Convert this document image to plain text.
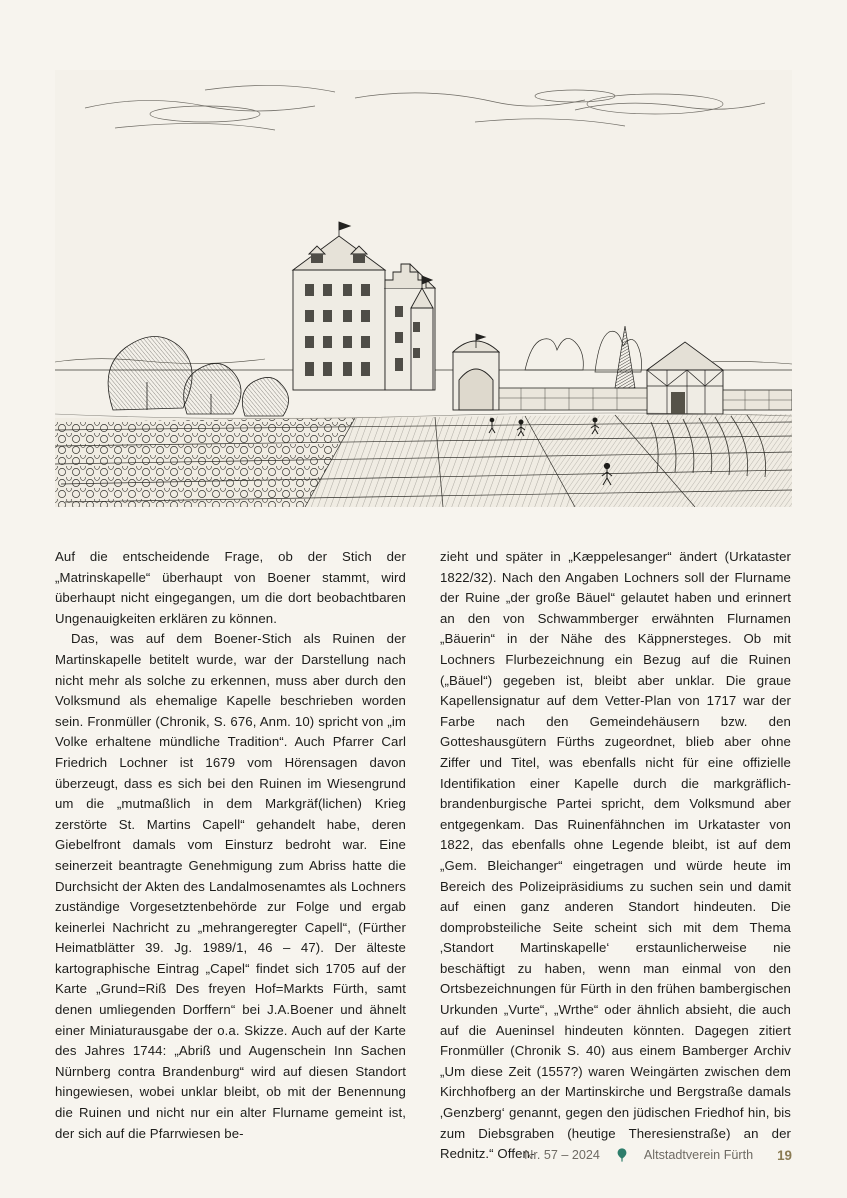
Auf die entscheidende Frage, ob der Stich der „Matrinskapelle“ überhaupt von Boener stammt, wird überhaupt nicht eingegangen, um die dort beobachtbaren Ungenauigkeiten erklären zu können.

Das, was auf dem Boener-Stich als Ruinen der Martinskapelle betitelt wurde, war der Darstellung nach nicht mehr als solche zu erkennen, muss aber durch den Volksmund als ehemalige Kapelle beschrieben worden sein. Fronmüller (Chronik, S. 676, Anm. 10) spricht von „im Volke erhaltene mündliche Tradition“. Auch Pfarrer Carl Friedrich Lochner ist 1679 vom Hörensagen davon überzeugt, dass es sich bei den Ruinen im Wiesengrund um die „mutmaßlich in dem Markgräf(lichen) Krieg zerstörte St. Martins Capell“ gehandelt habe, deren Giebelfront damals vom Einsturz bedroht war. Eine seinerzeit beantragte Genehmigung zum Abriss hatte die Durchsicht der Akten des Landalmosenamtes als Lochners zuständige Vorgesetztenbehörde zur Folge und ergab keinerlei Nachricht zu „mehrangeregter Capell“, (Fürther Heimatblätter 39. Jg. 1989/1, 46 – 47). Der älteste kartographische Eintrag „Capel“ findet sich 1705 auf der Karte „Grund=Riß Des freyen Hof=Markts Fürth, samt denen umliegenden Dorffern“ bei J.A.Boener und ähnelt einer Miniaturausgabe der o.a. Skizze. Auch auf der Karte des Jahres 1744: „Abriß und Augenschein Inn Sachen Nürnberg contra Brandenburg“ wird auf diesen Standort hingewiesen, wobei unklar bleibt, ob mit der Benennung die Ruinen und nicht nur ein alter Flurname gemeint ist, der sich auf die Pfarrwiesen be-

zieht und später in „Kæppelesanger“ ändert (Urkataster 1822/32). Nach den Angaben Lochners soll der Flurname der Ruine „der große Bäuel“ gelautet haben und erinnert an den von Schwammberger erwähnten Flurnamen „Bäuerin“ in der Nähe des Käppnersteges. Ob mit Lochners Flurbezeichnung ein Bezug auf die Ruinen („Bäuel“) gegeben ist, bleibt aber unklar. Die graue Kapellensignatur auf dem Vetter-Plan von 1717 war der Farbe nach den Gemeindehäusern bzw. den Gotteshausgütern Fürths zugeordnet, blieb aber ohne Ziffer und Titel, was ebenfalls nicht für eine offizielle Identifikation einer Kapelle durch die markgräflich-brandenburgische Partei spricht, dem Volksmund aber entgegenkam. Das Ruinenfähnchen im Urkataster von 1822, das ebenfalls ohne Legende bleibt, ist auf dem „Gem. Bleichanger“ eingetragen und würde heute im Bereich des Polizeipräsidiums zu suchen sein und damit auf einen ganz anderen Standort hindeuten. Die domprobsteiliche Seite scheint sich mit dem Thema ‚Standort Martinskapelle‘ erstaunlicherweise nie beschäftigt zu haben, wenn man einmal von den Ortsbezeichnungen für Fürth in den frühen bambergischen Urkunden „Vurte“, „Wrthe“ oder ähnlich absieht, die auch auf die Aueninsel hindeuten könnten. Dagegen zitiert Fronmüller (Chronik S. 40) aus einem Bamberger Archiv „Um diese Zeit (1557?) waren Weingärten zwischen dem Kirchhofberg an der Martinskirche und Bergstraße damals ‚Genzberg‘ genannt, gegen den jüdischen Friedhof hin, bis zum Diebsgraben (heutige Theresienstraße) an der Rednitz.“ Offen-

Nr. 57 – 2024	Altstadtverein Fürth 19
